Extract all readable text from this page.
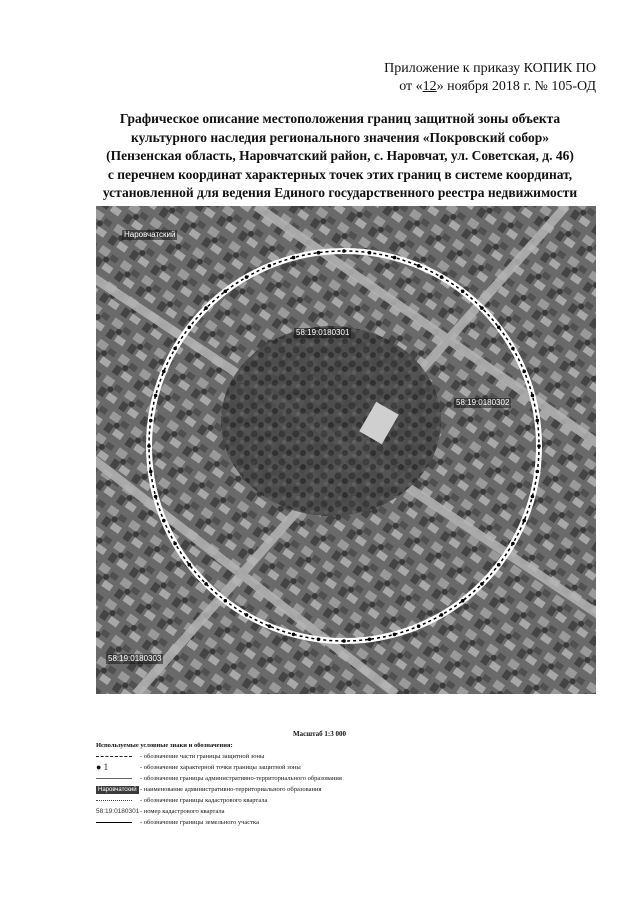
Приложение к приказу КОПИК ПО
от «12» ноября 2018 г. № 105-ОД
Графическое описание местоположения границ защитной зоны объекта
культурного наследия регионального значения «Покровский собор»
(Пензенская область, Наровчатский район, с. Наровчат, ул. Советская, д. 46)
с перечнем координат характерных точек этих границ в системе координат,
установленной для ведения Единого государственного реестра недвижимости
Наровчатский
58:19:0180301
58:19:0180302
58:19:0180303
Масштаб 1:3 000
Используемые условные знаки и обозначения:
- обозначение части границы защитной зоны
● 1	- обозначение характерной точки границы защитной зоны
- обозначение границы административно-территориального образования
Наровчатский - наименование административно-территориального образования
- обозначение границы кадастрового квартала
58:19:0180301 - номер кадастрового квартала
- обозначение границы земельного участка
